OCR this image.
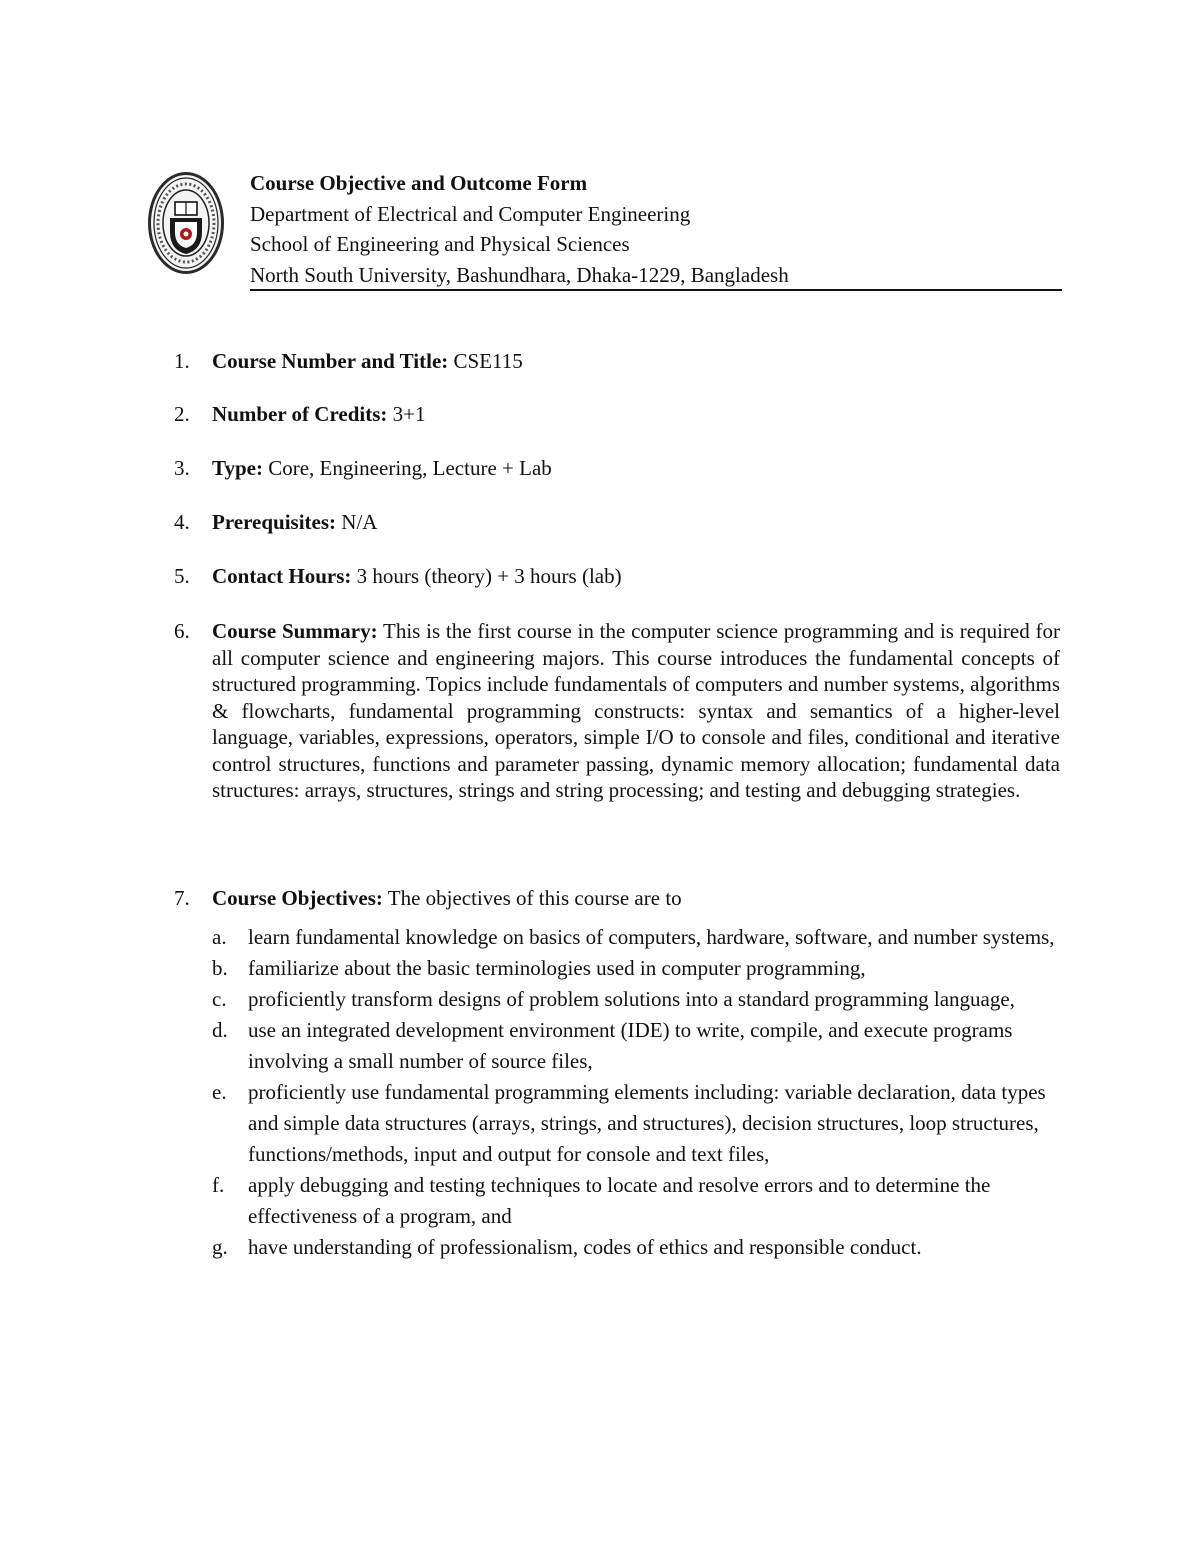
Course Objective and Outcome Form
Department of Electrical and Computer Engineering
School of Engineering and Physical Sciences
North South University, Bashundhara, Dhaka-1229, Bangladesh
1.	Course Number and Title: CSE115
2.	Number of Credits: 3+1
3.	Type: Core, Engineering, Lecture + Lab
4.	Prerequisites: N/A
5.	Contact Hours: 3 hours (theory) + 3 hours (lab)
6.	Course Summary: This is the first course in the computer science programming and is required for all computer science and engineering majors. This course introduces the fundamental concepts of structured programming. Topics include fundamentals of computers and number systems, algorithms & flowcharts, fundamental programming constructs: syntax and semantics of a higher-level language, variables, expressions, operators, simple I/O to console and files, conditional and iterative control structures, functions and parameter passing, dynamic memory allocation; fundamental data structures: arrays, structures, strings and string processing; and testing and debugging strategies.
7.	Course Objectives: The objectives of this course are to
a. learn fundamental knowledge on basics of computers, hardware, software, and number systems,
b. familiarize about the basic terminologies used in computer programming,
c. proficiently transform designs of problem solutions into a standard programming language,
d. use an integrated development environment (IDE) to write, compile, and execute programs involving a small number of source files,
e. proficiently use fundamental programming elements including: variable declaration, data types and simple data structures (arrays, strings, and structures), decision structures, loop structures, functions/methods, input and output for console and text files,
f. apply debugging and testing techniques to locate and resolve errors and to determine the effectiveness of a program, and
g. have understanding of professionalism, codes of ethics and responsible conduct.
